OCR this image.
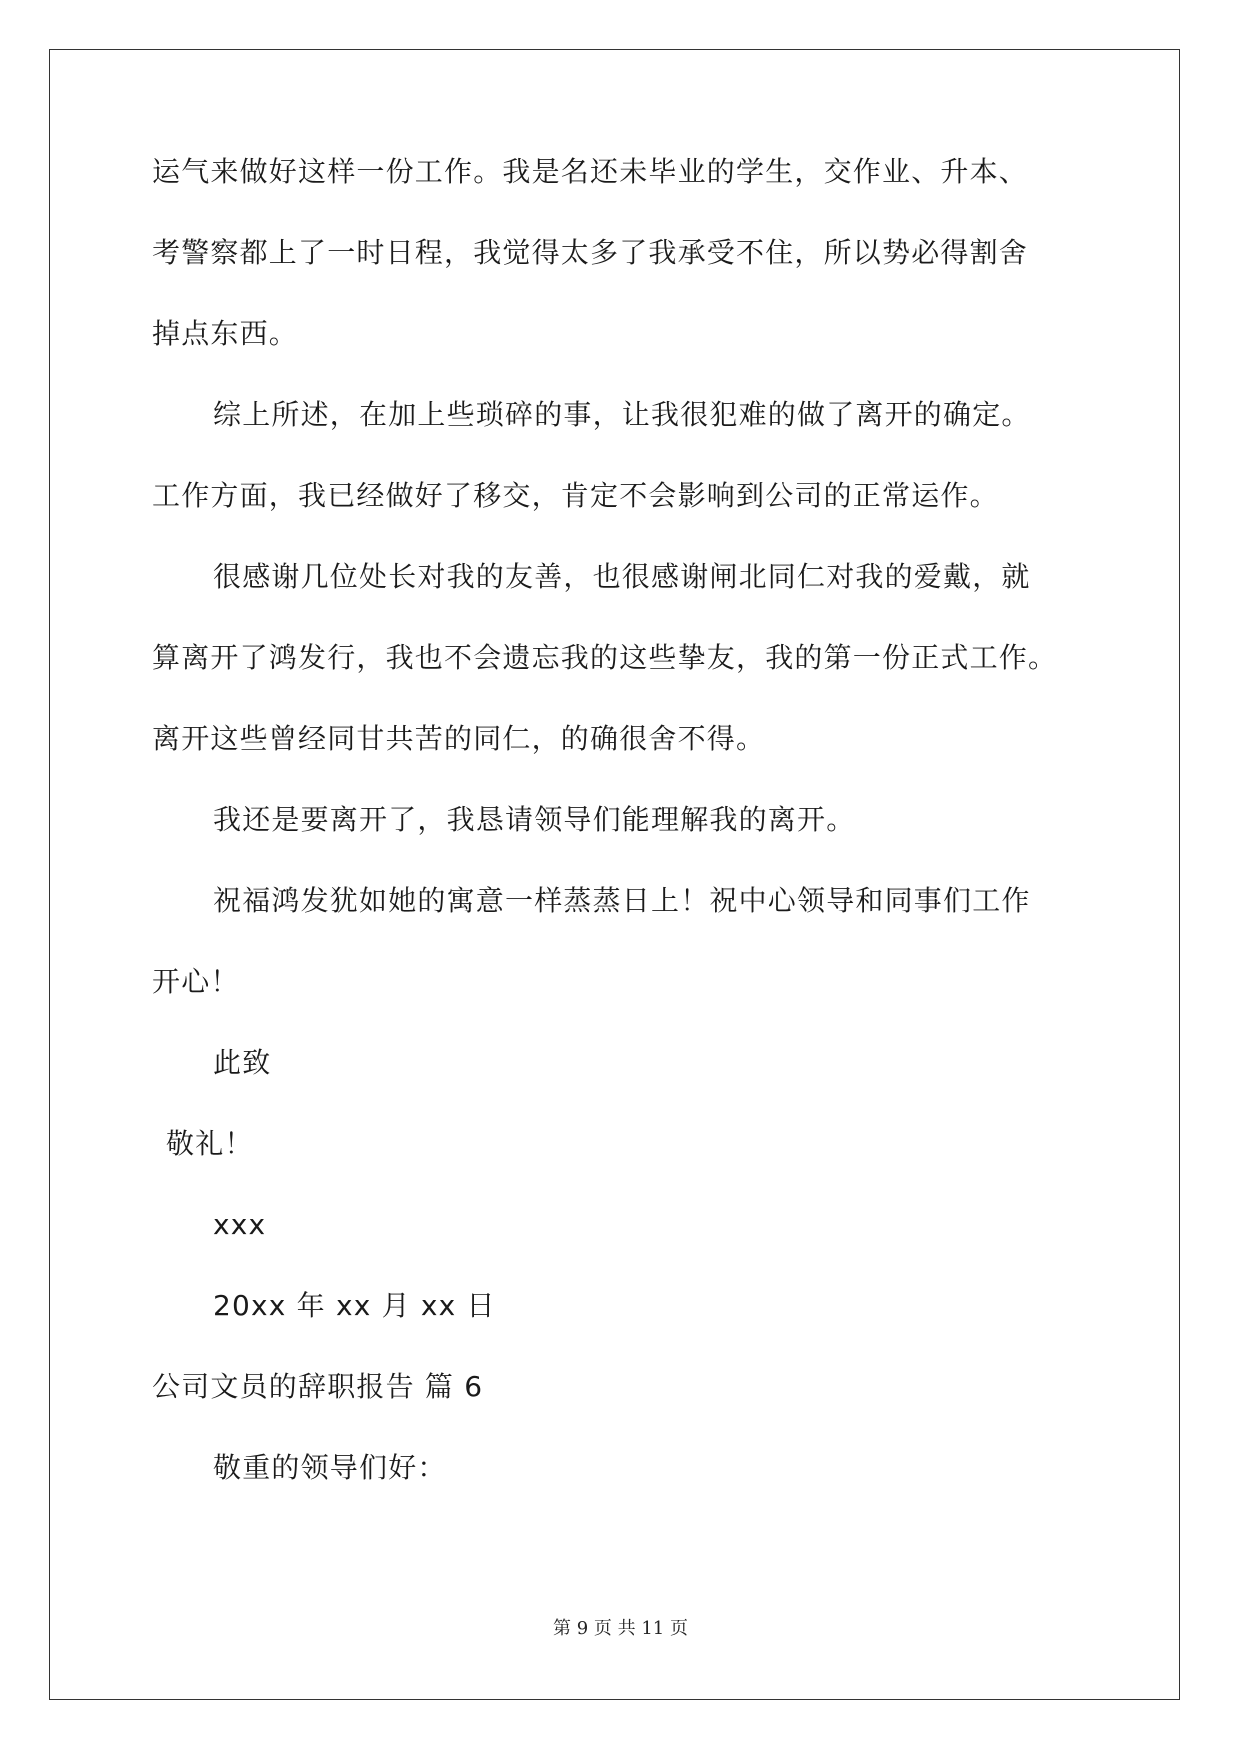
运气来做好这样一份工作。我是名还未毕业的学生，交作业、升本、
考警察都上了一时日程，我觉得太多了我承受不住，所以势必得割舍
掉点东西。
综上所述，在加上些琐碎的事，让我很犯难的做了离开的确定。
工作方面，我已经做好了移交，肯定不会影响到公司的正常运作。
很感谢几位处长对我的友善，也很感谢闸北同仁对我的爱戴，就
算离开了鸿发行，我也不会遗忘我的这些挚友，我的第一份正式工作。
离开这些曾经同甘共苦的同仁，的确很舍不得。
我还是要离开了，我恳请领导们能理解我的离开。
祝福鸿发犹如她的寓意一样蒸蒸日上！祝中心领导和同事们工作
开心！
此致
敬礼！
xxx
20xx 年 xx 月 xx 日
公司文员的辞职报告 篇 6
敬重的领导们好：
第 9 页 共 11 页
